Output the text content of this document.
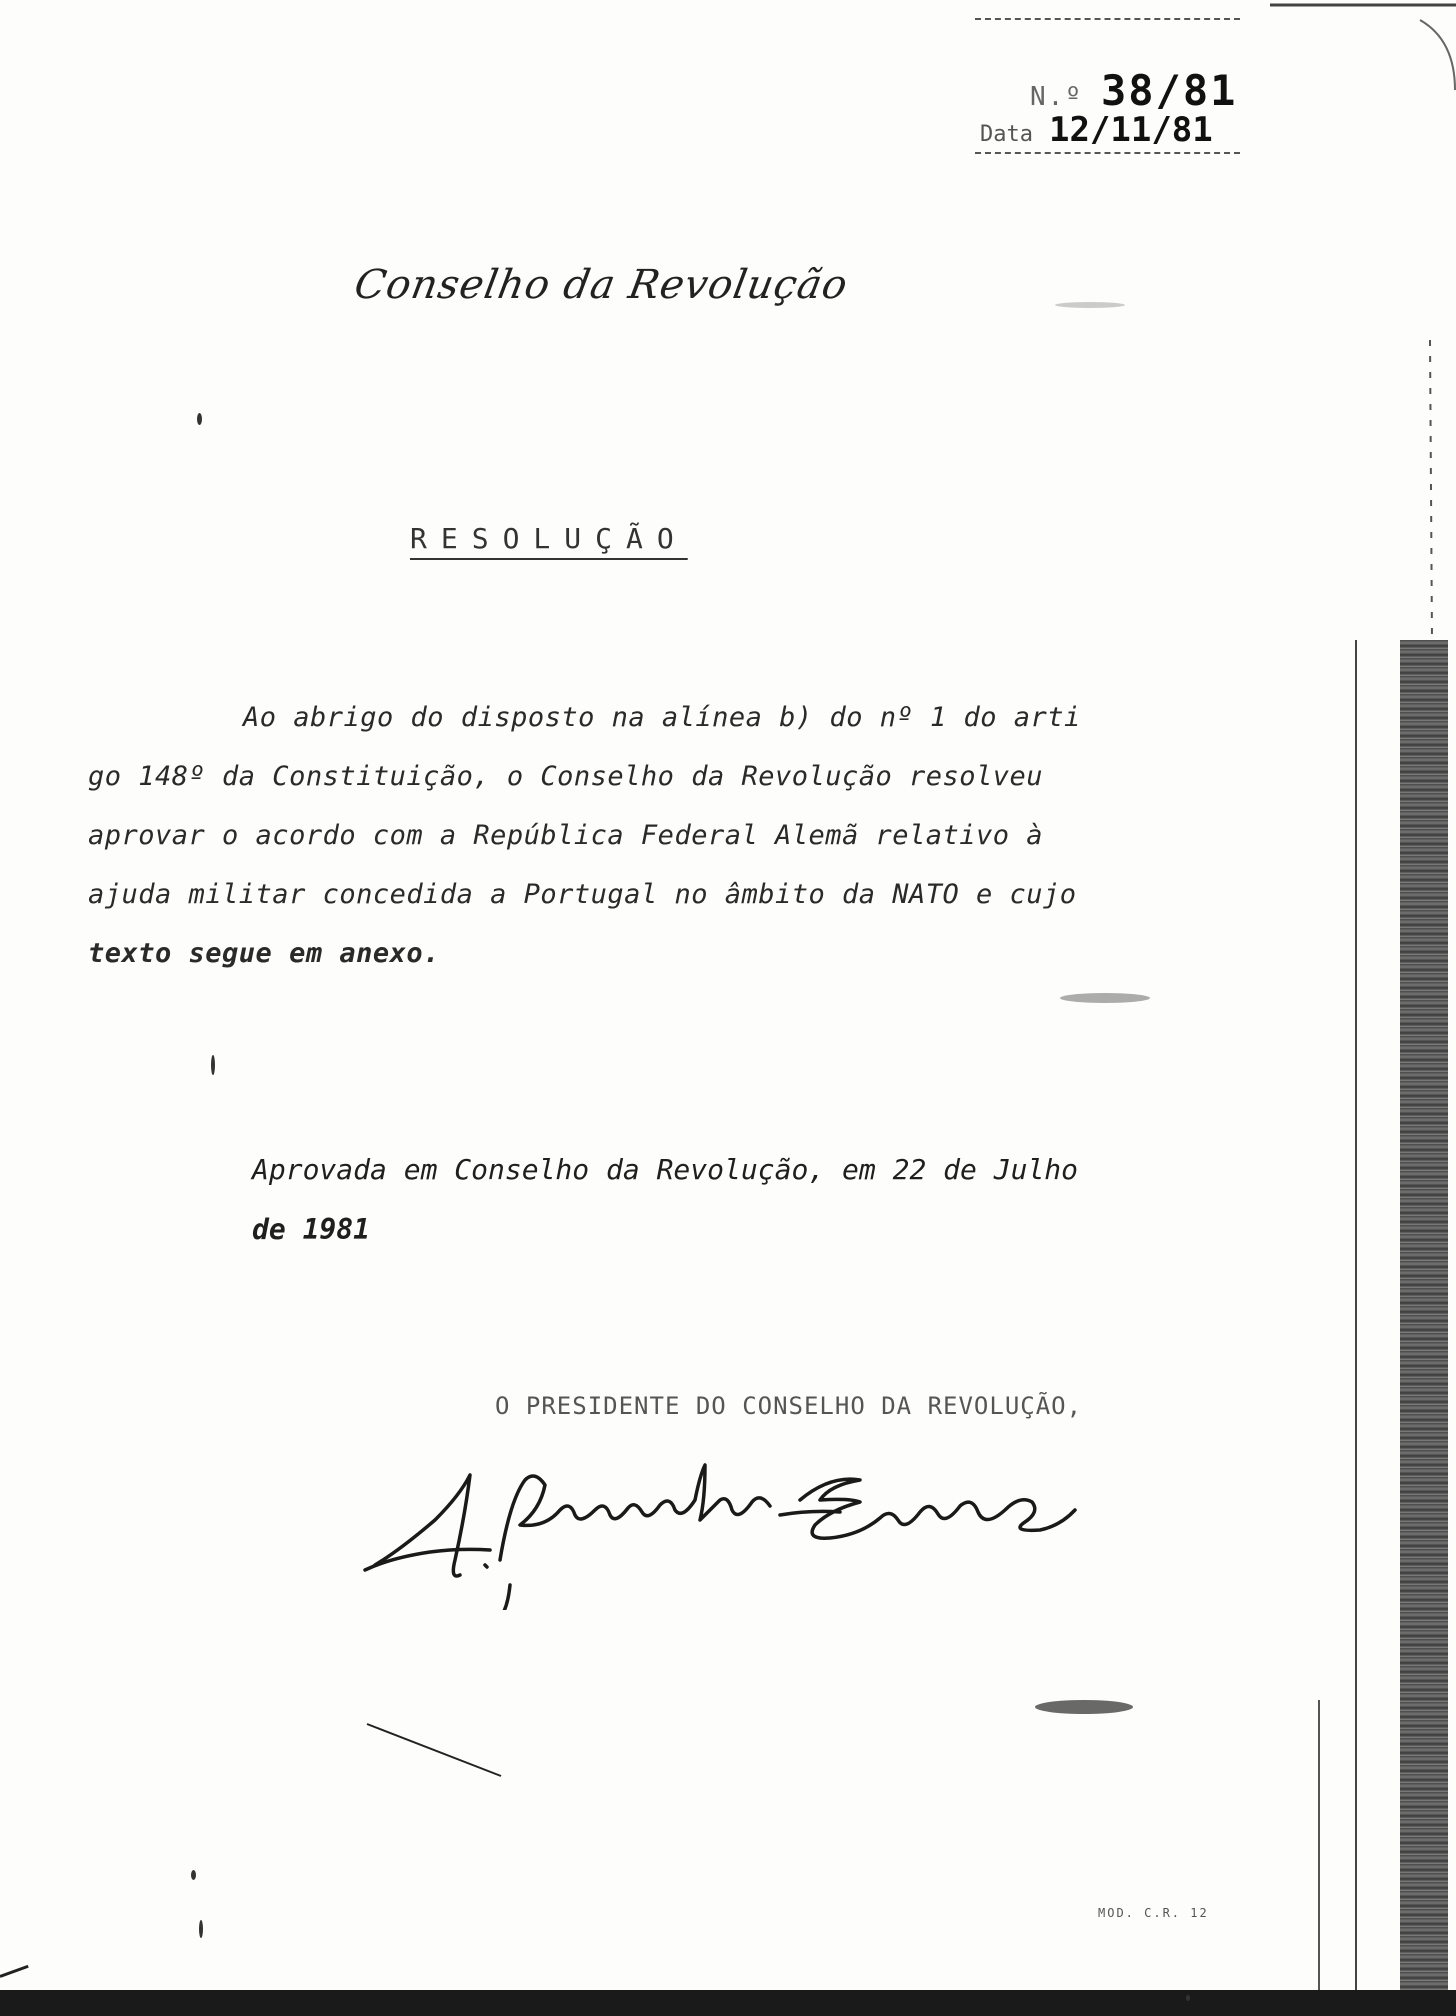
N.º 38/81
Data 12/11/81
Conselho da Revolução
RESOLUÇÃO
Ao abrigo do disposto na alínea b) do nº 1 do arti
go 148º da Constituição, o Conselho da Revolução resolveu
aprovar o acordo com a República Federal Alemã relativo à
ajuda militar concedida a Portugal no âmbito da NATO e cujo
texto segue em anexo.
Aprovada em Conselho da Revolução, em 22 de Julho
de 1981
O PRESIDENTE DO CONSELHO DA REVOLUÇÃO,
MOD. C.R. 12
